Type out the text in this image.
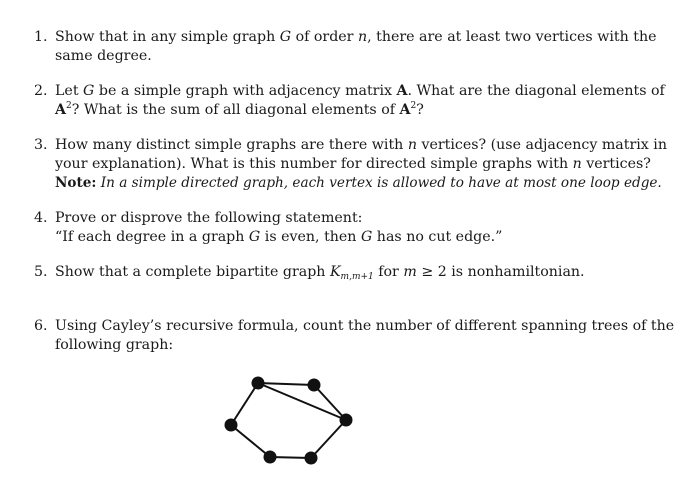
1. Show that in any simple graph G of order n, there are at least two vertices with the
same degree.
2. Let G be a simple graph with adjacency matrix A. What are the diagonal elements of
$A^2$? What is the sum of all diagonal elements of $A^2$?
3. How many distinct simple graphs are there with n vertices? (use adjacency matrix in
your explanation). What is this number for directed simple graphs with n vertices?
Note: In a simple directed graph, each vertex is allowed to have at most one loop edge.
4. Prove or disprove the following statement:
“If each degree in a graph G is even, then G has no cut edge.”
5. Show that a complete bipartite graph $K_{m,m+1}$ for m ≥ 2 is nonhamiltonian.
6. Using Cayley’s recursive formula, count the number of different spanning trees of the
following graph:
